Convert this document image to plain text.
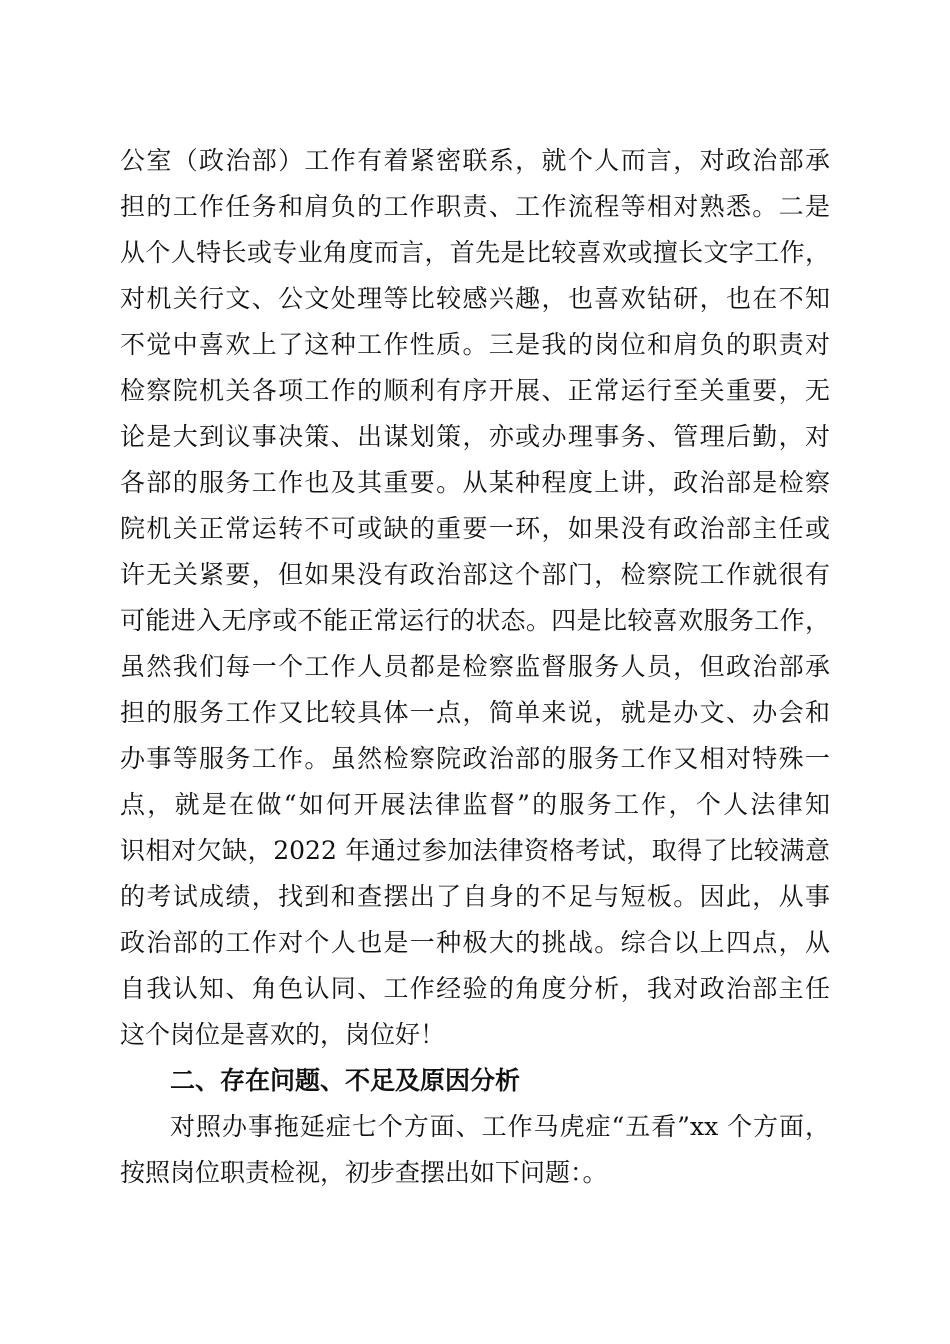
公室（政治部）工作有着紧密联系，就个人而言，对政治部承

担的工作任务和肩负的工作职责、工作流程等相对熟悉。二是

从个人特长或专业角度而言，首先是比较喜欢或擅长文字工作，

对机关行文、公文处理等比较感兴趣，也喜欢钻研，也在不知

不觉中喜欢上了这种工作性质。三是我的岗位和肩负的职责对

检察院机关各项工作的顺利有序开展、正常运行至关重要，无

论是大到议事决策、出谋划策，亦或办理事务、管理后勤，对

各部的服务工作也及其重要。从某种程度上讲，政治部是检察

院机关正常运转不可或缺的重要一环，如果没有政治部主任或

许无关紧要，但如果没有政治部这个部门，检察院工作就很有

可能进入无序或不能正常运行的状态。四是比较喜欢服务工作，

虽然我们每一个工作人员都是检察监督服务人员，但政治部承

担的服务工作又比较具体一点，简单来说，就是办文、办会和

办事等服务工作。虽然检察院政治部的服务工作又相对特殊一

点，就是在做“如何开展法律监督”的服务工作，个人法律知

识相对欠缺，2022 年通过参加法律资格考试，取得了比较满意

的考试成绩，找到和查摆出了自身的不足与短板。因此，从事

政治部的工作对个人也是一种极大的挑战。综合以上四点，从

自我认知、角色认同、工作经验的角度分析，我对政治部主任

这个岗位是喜欢的，岗位好！

二、存在问题、不足及原因分析

对照办事拖延症七个方面、工作马虎症“五看”xx 个方面，

按照岗位职责检视，初步查摆出如下问题：。
